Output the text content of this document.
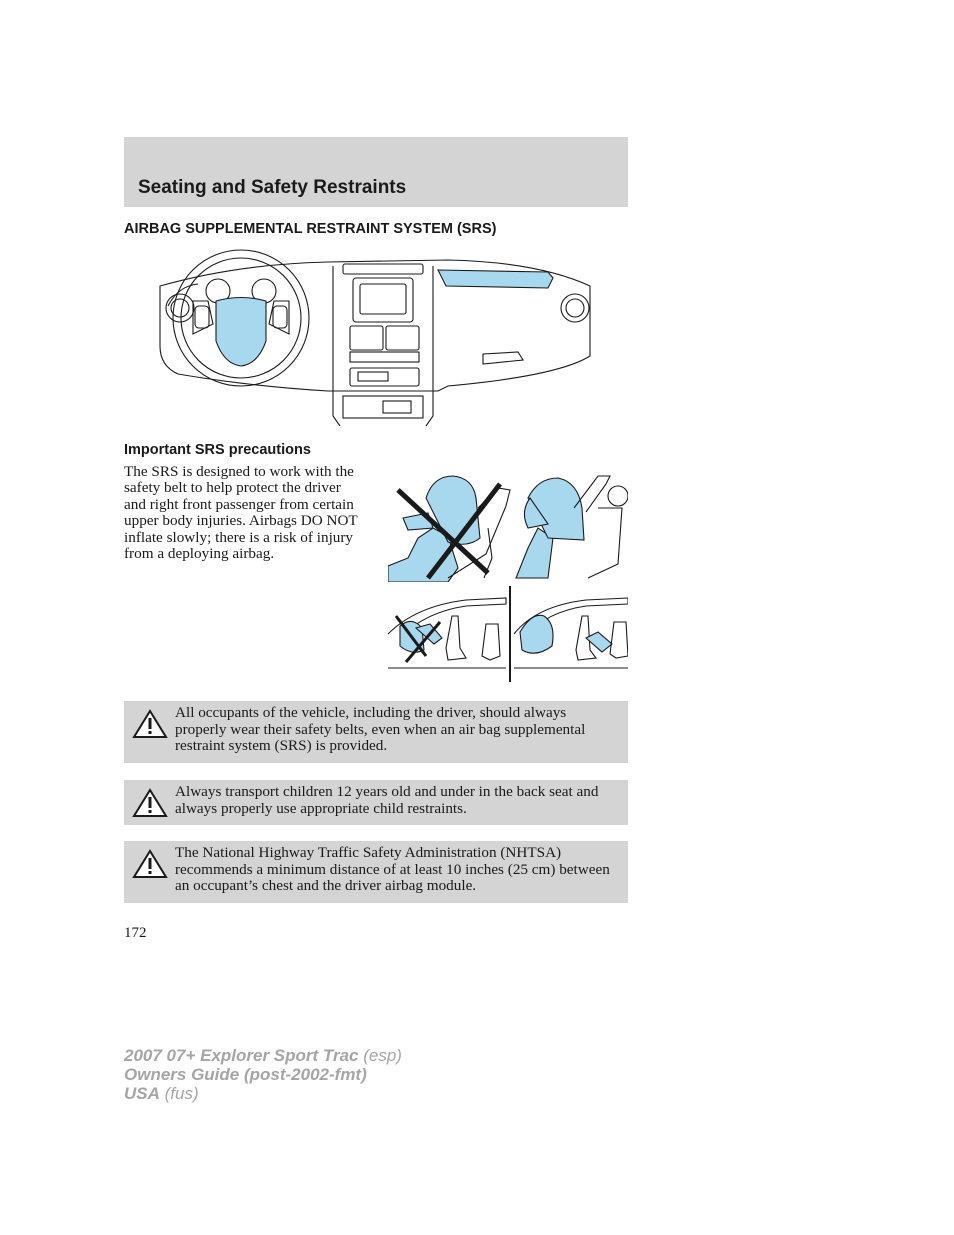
Seating and Safety Restraints
AIRBAG SUPPLEMENTAL RESTRAINT SYSTEM (SRS)
Important SRS precautions

The SRS is designed to work with the safety belt to help protect the driver and right front passenger from certain upper body injuries. Airbags DO NOT inflate slowly; there is a risk of injury from a deploying airbag.

All occupants of the vehicle, including the driver, should always properly wear their safety belts, even when an air bag supplemental restraint system (SRS) is provided.
Always transport children 12 years old and under in the back seat and always properly use appropriate child restraints.
The National Highway Traffic Safety Administration (NHTSA) recommends a minimum distance of at least 10 inches (25 cm) between an occupant’s chest and the driver airbag module.

172

2007 07+ Explorer Sport Trac (esp)
Owners Guide (post-2002-fmt)
USA (fus)
